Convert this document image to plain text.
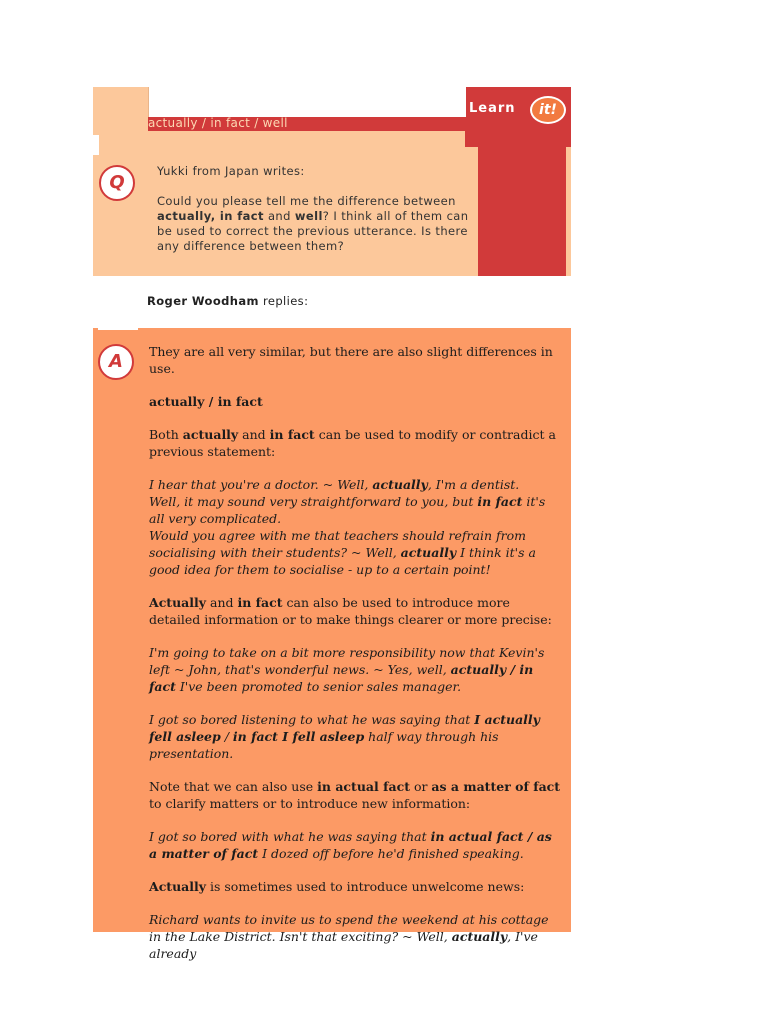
actually / in fact / well
Learn	it!
Q

Yukki from Japan writes:

Could you please tell me the difference between actually, in fact and well? I think all of them can be used to correct the previous utterance. Is there any difference between them?

Roger Woodham replies:
A	They are all very similar, but there are also slight differences in use.

actually / in fact

Both actually and in fact can be used to modify or contradict a previous statement:

I hear that you're a doctor. ~ Well, actually, I'm a dentist.
Well, it may sound very straightforward to you, but in fact it's all very complicated.
Would you agree with me that teachers should refrain from socialising with their students? ~ Well, actually I think it's a good idea for them to socialise - up to a certain point!

Actually and in fact can also be used to introduce more detailed information or to make things clearer or more precise:

I'm going to take on a bit more responsibility now that Kevin's left ~ John, that's wonderful news. ~ Yes, well, actually / in fact I've been promoted to senior sales manager.

I got so bored listening to what he was saying that I actually fell asleep / in fact I fell asleep half way through his presentation.

Note that we can also use in actual fact or as a matter of fact to clarify matters or to introduce new information:

I got so bored with what he was saying that in actual fact / as a matter of fact I dozed off before he'd finished speaking.

Actually is sometimes used to introduce unwelcome news:

Richard wants to invite us to spend the weekend at his cottage in the Lake District. Isn't that exciting? ~ Well, actually, I've already
